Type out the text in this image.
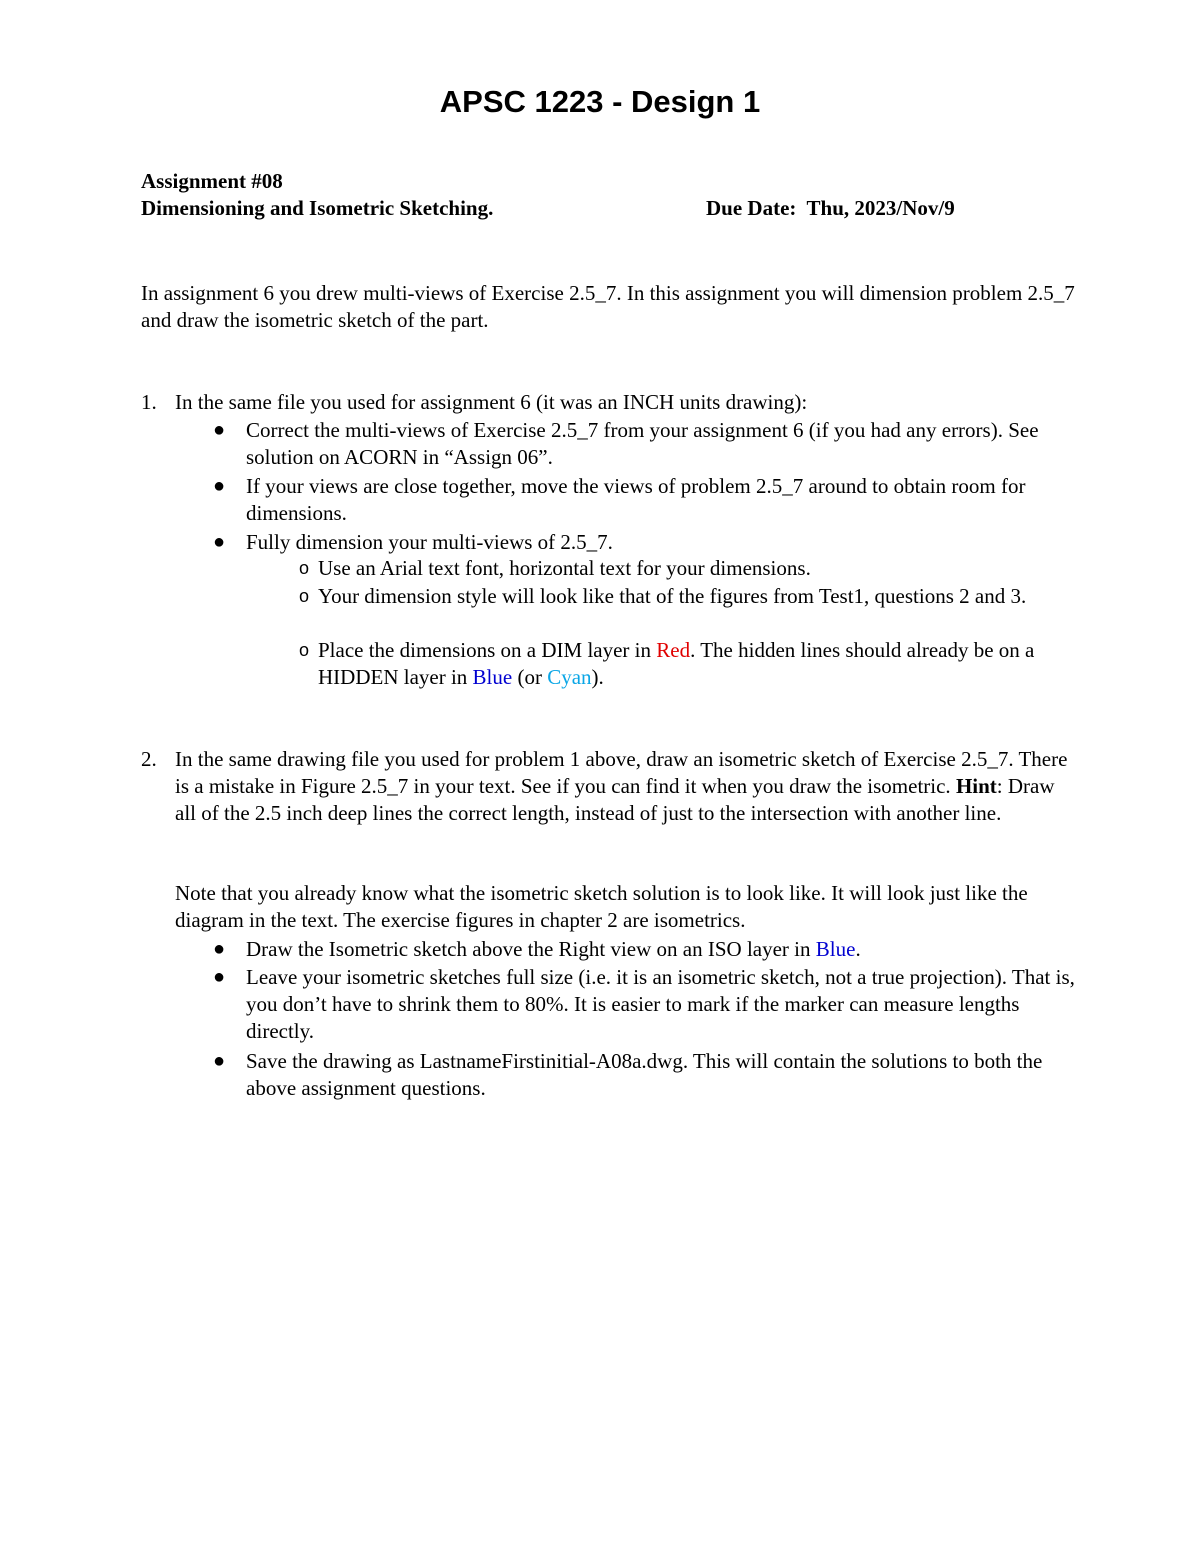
APSC 1223 - Design 1
Assignment #08
Dimensioning and Isometric Sketching.	Due Date: Thu, 2023/Nov/9
In assignment 6 you drew multi-views of Exercise 2.5_7. In this assignment you will dimension problem 2.5_7 and draw the isometric sketch of the part.
1. In the same file you used for assignment 6 (it was an INCH units drawing):
● Correct the multi-views of Exercise 2.5_7 from your assignment 6 (if you had any errors). See solution on ACORN in “Assign 06”.
● If your views are close together, move the views of problem 2.5_7 around to obtain room for dimensions.
● Fully dimension your multi-views of 2.5_7.
o Use an Arial text font, horizontal text for your dimensions.
o Your dimension style will look like that of the figures from Test1, questions 2 and 3.
o Place the dimensions on a DIM layer in Red. The hidden lines should already be on a HIDDEN layer in Blue (or Cyan).
2. In the same drawing file you used for problem 1 above, draw an isometric sketch of Exercise 2.5_7. There is a mistake in Figure 2.5_7 in your text. See if you can find it when you draw the isometric. Hint: Draw all of the 2.5 inch deep lines the correct length, instead of just to the intersection with another line.
Note that you already know what the isometric sketch solution is to look like. It will look just like the diagram in the text. The exercise figures in chapter 2 are isometrics.
● Draw the Isometric sketch above the Right view on an ISO layer in Blue.
● Leave your isometric sketches full size (i.e. it is an isometric sketch, not a true projection). That is, you don’t have to shrink them to 80%. It is easier to mark if the marker can measure lengths directly.
● Save the drawing as LastnameFirstinitial-A08a.dwg. This will contain the solutions to both the above assignment questions.
